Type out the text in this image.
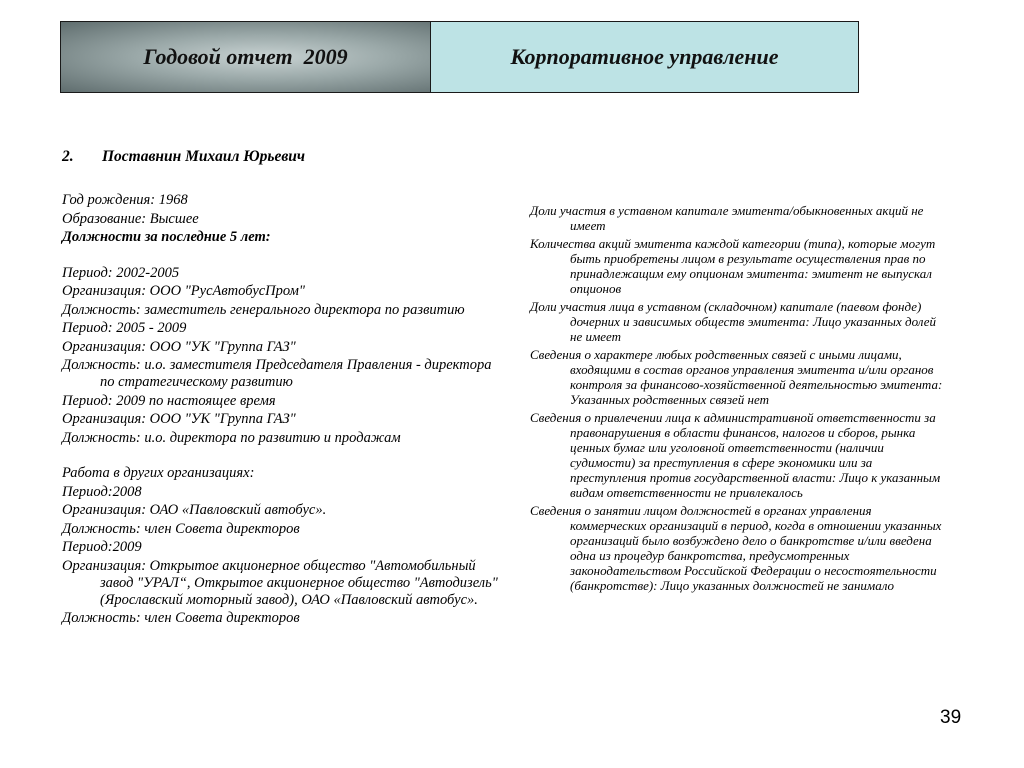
Годовой отчет  2009	Корпоративное управление
2. Поставнин Михаил Юрьевич
Год рождения: 1968
Образование: Высшее
Должности за последние 5 лет:
Период: 2002-2005
Организация: ООО "РусАвтобусПром"
Должность: заместитель генерального директора по развитию
Период: 2005 - 2009
Организация: ООО "УК "Группа ГАЗ"
Должность: и.о. заместителя Председателя Правления - директора по стратегическому развитию
Период: 2009 по настоящее время
Организация: ООО "УК "Группа ГАЗ"
Должность: и.о. директора по развитию и продажам
Работа в других организациях:
Период:2008
Организация: ОАО «Павловский автобус».
Должность: член Совета директоров
Период:2009
Организация: Открытое акционерное общество "Автомобильный завод "УРАЛ“, Открытое акционерное общество "Автодизель" (Ярославский моторный завод), ОАО «Павловский автобус».
Должность: член Совета директоров
Доли участия в уставном капитале эмитента/обыкновенных акций не имеет
Количества акций эмитента каждой категории (типа), которые могут быть приобретены лицом в результате осуществления прав по принадлежащим ему опционам эмитента: эмитент не выпускал опционов
Доли участия лица в уставном (складочном) капитале (паевом фонде) дочерних и зависимых обществ эмитента: Лицо указанных долей не имеет
Сведения о характере любых родственных связей с иными лицами, входящими в состав органов управления эмитента и/или органов контроля за финансово-хозяйственной деятельностью эмитента: Указанных родственных связей нет
Сведения о привлечении лица к административной ответственности за правонарушения в области финансов, налогов и сборов, рынка ценных бумаг или уголовной ответственности (наличии судимости) за преступления в сфере экономики или за преступления против государственной власти: Лицо к указанным видам ответственности не привлекалось
Сведения о занятии лицом должностей в органах управления коммерческих организаций в период, когда в отношении указанных организаций было возбуждено дело о банкротстве и/или введена одна из процедур банкротства, предусмотренных законодательством Российской Федерации о несостоятельности (банкротстве): Лицо указанных должностей не занимало
39
